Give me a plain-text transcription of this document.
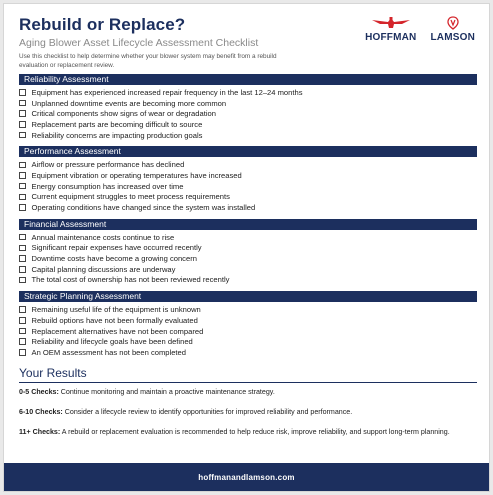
Rebuild or Replace?
Aging Blower Asset Lifecycle Assessment Checklist
Use this checklist to help determine whether your blower system may benefit from a rebuild
evaluation or replacement review.
HOFFMAN LAMSON
Reliability Assessment
Equipment has experienced increased repair frequency in the last 12–24 months
Unplanned downtime events are becoming more common
Critical components show signs of wear or degradation
Replacement parts are becoming difficult to source
Reliability concerns are impacting production goals
Performance Assessment
Airflow or pressure performance has declined
Equipment vibration or operating temperatures have increased
Energy consumption has increased over time
Current equipment struggles to meet process requirements
Operating conditions have changed since the system was installed
Financial Assessment
Annual maintenance costs continue to rise
Significant repair expenses have occurred recently
Downtime costs have become a growing concern
Capital planning discussions are underway
The total cost of ownership has not been reviewed recently
Strategic Planning Assessment
Remaining useful life of the equipment is unknown
Rebuild options have not been formally evaluated
Replacement alternatives have not been compared
Reliability and lifecycle goals have been defined
An OEM assessment has not been completed
Your Results
0-5 Checks: Continue monitoring and maintain a proactive maintenance strategy.
6-10 Checks: Consider a lifecycle review to identify opportunities for improved reliability and performance.
11+ Checks: A rebuild or replacement evaluation is recommended to help reduce risk, improve reliability, and support long-term planning.
hoffmanandlamson.com
